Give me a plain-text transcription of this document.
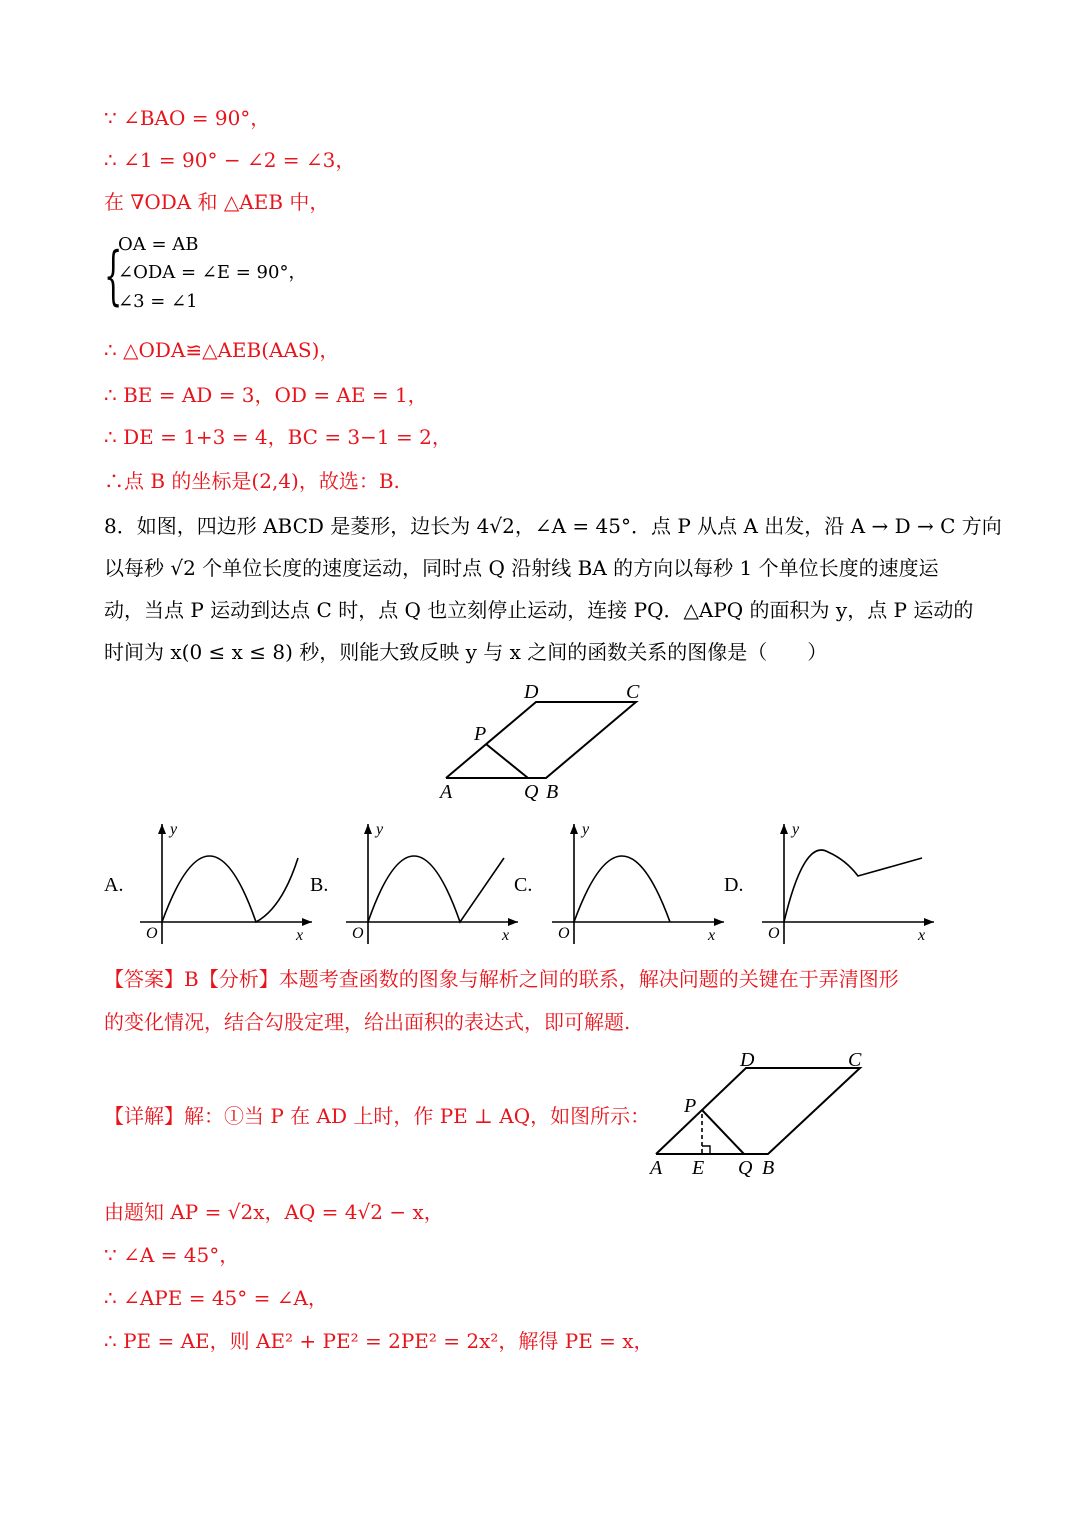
∵ ∠BAO = 90°，
∴ ∠1 = 90° − ∠2 = ∠3，
在 ∇ODA 和 △AEB 中，
{
OA = AB
∠ODA = ∠E = 90°，
∠3 = ∠1
∴ △ODA≌△AEB(AAS)，
∴ BE = AD = 3，OD = AE = 1，
∴ DE = 1+3 = 4，BC = 3−1 = 2，
∴点 B 的坐标是(2,4)，故选：B.
8．如图，四边形 ABCD 是菱形，边长为 4√2，∠A = 45°．点 P 从点 A 出发，沿 A → D → C 方向
以每秒 √2 个单位长度的速度运动，同时点 Q 沿射线 BA 的方向以每秒 1 个单位长度的速度运
动，当点 P 运动到达点 C 时，点 Q 也立刻停止运动，连接 PQ．△APQ 的面积为 y，点 P 运动的
时间为 x(0 ≤ x ≤ 8) 秒，则能大致反映 y 与 x 之间的函数关系的图像是（　　）
D	C
P
A	Q B
A.
y
x
O
B.
y
x
O
C.
y
x
O
D.
y
x
O
【答案】B【分析】本题考查函数的图象与解析之间的联系，解决问题的关键在于弄清图形
的变化情况，结合勾股定理，给出面积的表达式，即可解题.
【详解】解：①当 P 在 AD 上时，作 PE ⊥ AQ，如图所示：
D	C
P
A E Q B
由题知 AP = √2x，AQ = 4√2 − x，
∵ ∠A = 45°，
∴ ∠APE = 45° = ∠A，
∴ PE = AE，则 AE² + PE² = 2PE² = 2x²，解得 PE = x，
